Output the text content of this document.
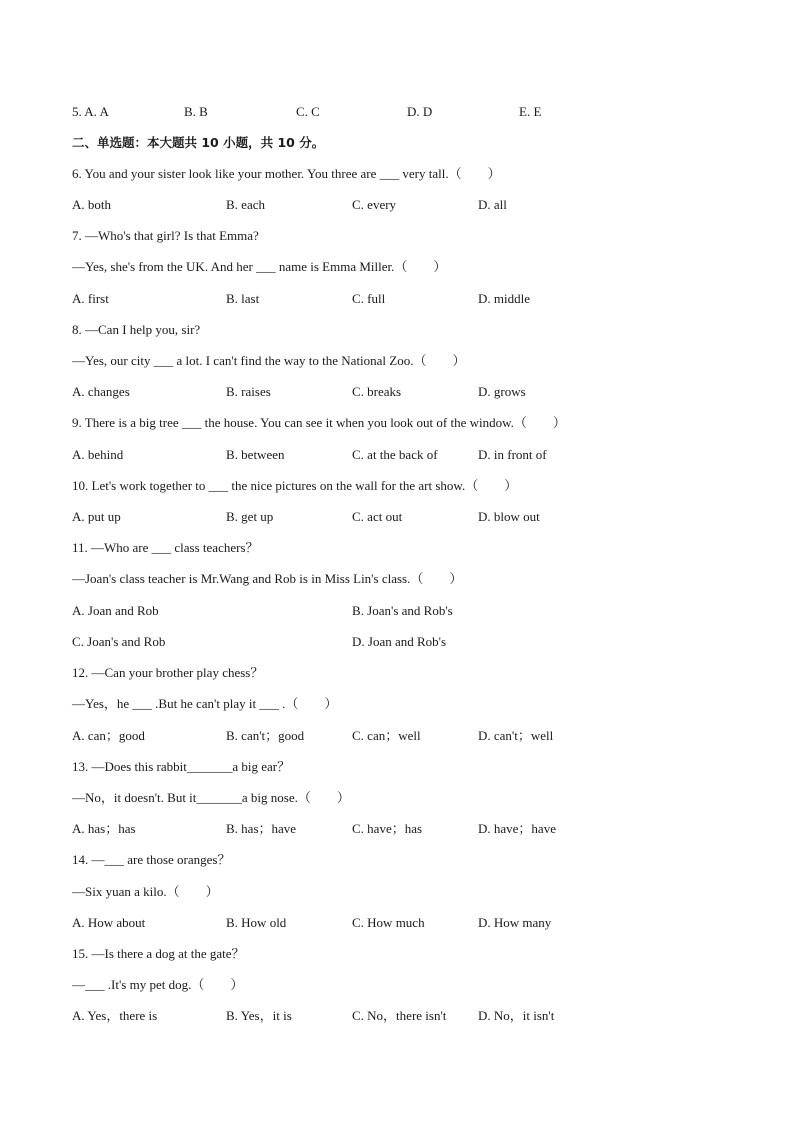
5. A. A	B. B	C. C	D. D	E. E
二、单选题：本大题共 10 小题，共 10 分。
6. You and your sister look like your mother. You three are ___ very tall.（　　）
A. both	B. each	C. every	D. all
7. —Who's that girl? Is that Emma?
—Yes, she's from the UK. And her ___ name is Emma Miller.（　　）
A. first	B. last	C. full	D. middle
8. —Can I help you, sir?
—Yes, our city ___ a lot. I can't find the way to the National Zoo.（　　）
A. changes	B. raises	C. breaks	D. grows
9. There is a big tree ___ the house. You can see it when you look out of the window.（　　）
A. behind	B. between	C. at the back of	D. in front of
10. Let's work together to ___ the nice pictures on the wall for the art show.（　　）
A. put up	B. get up	C. act out	D. blow out
11. —Who are ___ class teachers？
—Joan's class teacher is Mr.Wang and Rob is in Miss Lin's class.（　　）
A. Joan and Rob	B. Joan's and Rob's
C. Joan's and Rob	D. Joan and Rob's
12. —Can your brother play chess？
—Yes，he ___ .But he can't play it ___ .（　　）
A. can；good	B. can't；good	C. can；well	D. can't；well
13. —Does this rabbit_______a big ear？
—No，it doesn't. But it_______a big nose.（　　）
A. has；has	B. has；have	C. have；has	D. have；have
14. —___ are those oranges？
—Six yuan a kilo.（　　）
A. How about	B. How old	C. How much	D. How many
15. —Is there a dog at the gate？
—___ .It's my pet dog.（　　）
A. Yes，there is	B. Yes，it is	C. No，there isn't D. No，it isn't
